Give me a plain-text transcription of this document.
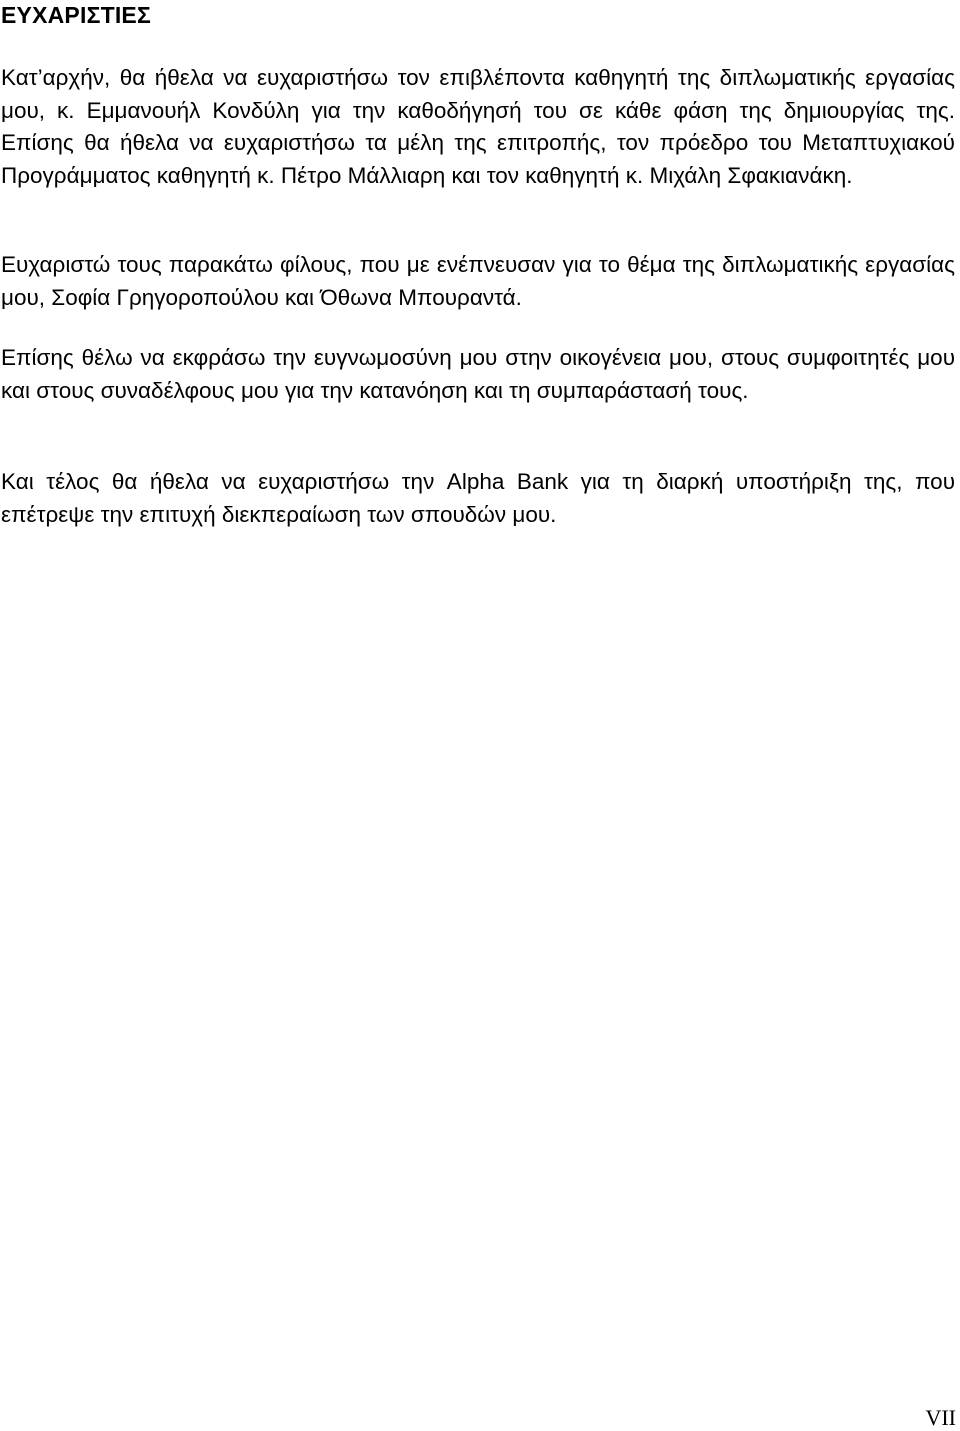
ΕΥΧΑΡΙΣΤΙΕΣ

Κατ’αρχήν, θα ήθελα να ευχαριστήσω τον επιβλέποντα καθηγητή της διπλωματικής εργασίας μου, κ. Εμμανουήλ Κονδύλη για την καθοδήγησή του σε κάθε φάση της δημιουργίας της. Επίσης θα ήθελα να ευχαριστήσω τα μέλη της επιτροπής, τον πρόεδρο του Μεταπτυχιακού Προγράμματος καθηγητή κ. Πέτρο Μάλλιαρη και τον καθηγητή κ. Μιχάλη Σφακιανάκη.

Ευχαριστώ τους παρακάτω φίλους, που με ενέπνευσαν για το θέμα της διπλωματικής εργασίας μου, Σοφία Γρηγοροπούλου και Όθωνα Μπουραντά.

Επίσης θέλω να εκφράσω την ευγνωμοσύνη μου στην οικογένεια μου, στους συμφοιτητές μου και στους συναδέλφους μου για την κατανόηση και τη συμπαράστασή τους.

Και τέλος θα ήθελα να ευχαριστήσω την Alpha Bank για τη διαρκή υποστήριξη της, που επέτρεψε την επιτυχή διεκπεραίωση των σπουδών μου.

VII
